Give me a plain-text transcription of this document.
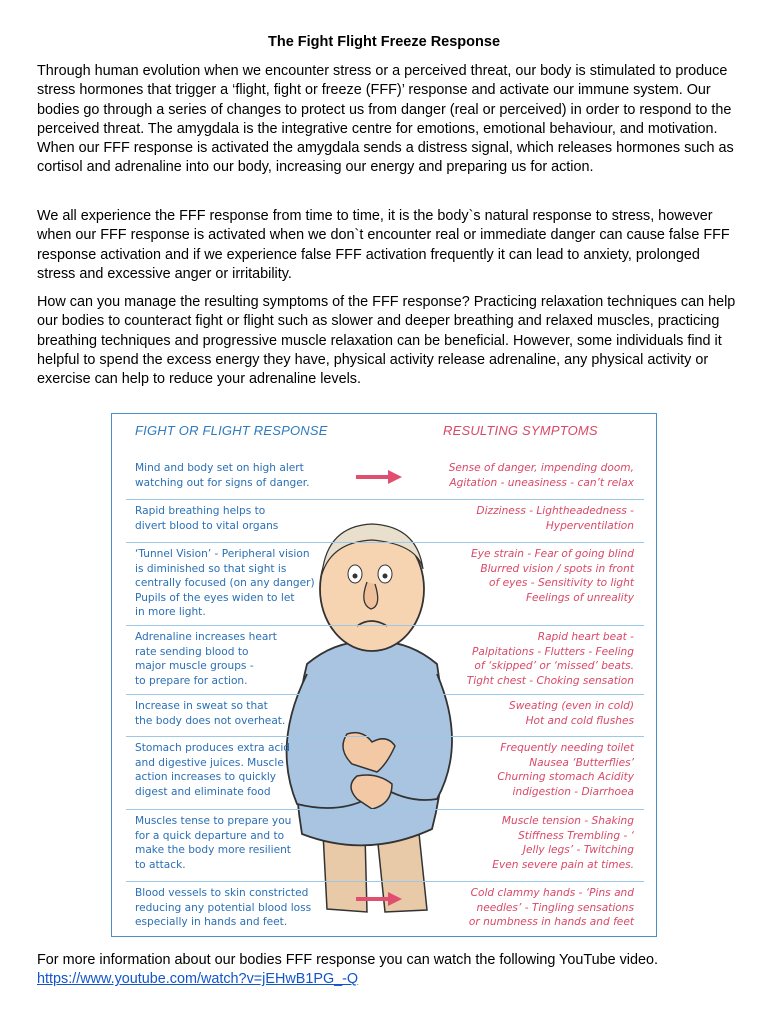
The Fight Flight Freeze Response
Through human evolution when we encounter stress or a perceived threat, our body is stimulated to produce stress hormones that trigger a ‘flight, fight or freeze (FFF)’ response and activate our immune system. Our bodies go through a series of changes to protect us from danger (real or perceived) in order to respond to the perceived threat. The amygdala is the integrative centre for emotions, emotional behaviour, and motivation. When our FFF response is activated the amygdala sends a distress signal, which releases hormones such as cortisol and adrenaline into our body, increasing our energy and preparing us for action.
We all experience the FFF response from time to time, it is the body`s natural response to stress, however when our FFF response is activated when we don`t encounter real or immediate danger can cause false FFF response activation and if we experience false FFF activation frequently it can lead to anxiety, prolonged stress and excessive anger or irritability.
How can you manage the resulting symptoms of the FFF response? Practicing relaxation techniques can help our bodies to counteract fight or flight such as slower and deeper breathing and relaxed muscles, practicing breathing techniques and progressive muscle relaxation can be beneficial. However, some individuals find it helpful to spend the excess energy they have, physical activity release adrenaline, any physical activity or exercise can help to reduce your adrenaline levels.
FIGHT OR FLIGHT RESPONSE	RESULTING SYMPTOMS
Mind and body set on high alert
watching out for signs of danger.
Sense of danger, impending doom,
Agitation - uneasiness - can’t relax
Rapid breathing helps to
divert blood to vital organs
Dizziness - Lightheadedness -
Hyperventilation
‘Tunnel Vision’ - Peripheral vision
is diminished so that sight is
centrally focused (on any danger)
Pupils of the eyes widen to let
in more light.
Eye strain - Fear of going blind
Blurred vision / spots in front
of eyes - Sensitivity to light
Feelings of unreality
Adrenaline increases heart
rate sending blood to
major muscle groups -
to prepare for action.
Rapid heart beat -
Palpitations - Flutters - Feeling
of ‘skipped’ or ‘missed’ beats.
Tight chest - Choking sensation
Increase in sweat so that
the body does not overheat.
Sweating (even in cold)
Hot and cold flushes
Stomach produces extra acid
and digestive juices. Muscle
action increases to quickly
digest and eliminate food
Frequently needing toilet
Nausea ‘Butterflies’
Churning stomach Acidity
indigestion - Diarrhoea
Muscles tense to prepare you
for a quick departure and to
make the body more resilient
to attack.
Muscle tension - Shaking
Stiffness Trembling - ‘
Jelly legs’ - Twitching
Even severe pain at times.
Blood vessels to skin constricted
reducing any potential blood loss
especially in hands and feet.
Cold clammy hands - ‘Pins and
needles’ - Tingling sensations
or numbness in hands and feet
For more information about our bodies FFF response you can watch the following YouTube video.
https://www.youtube.com/watch?v=jEHwB1PG_-Q
